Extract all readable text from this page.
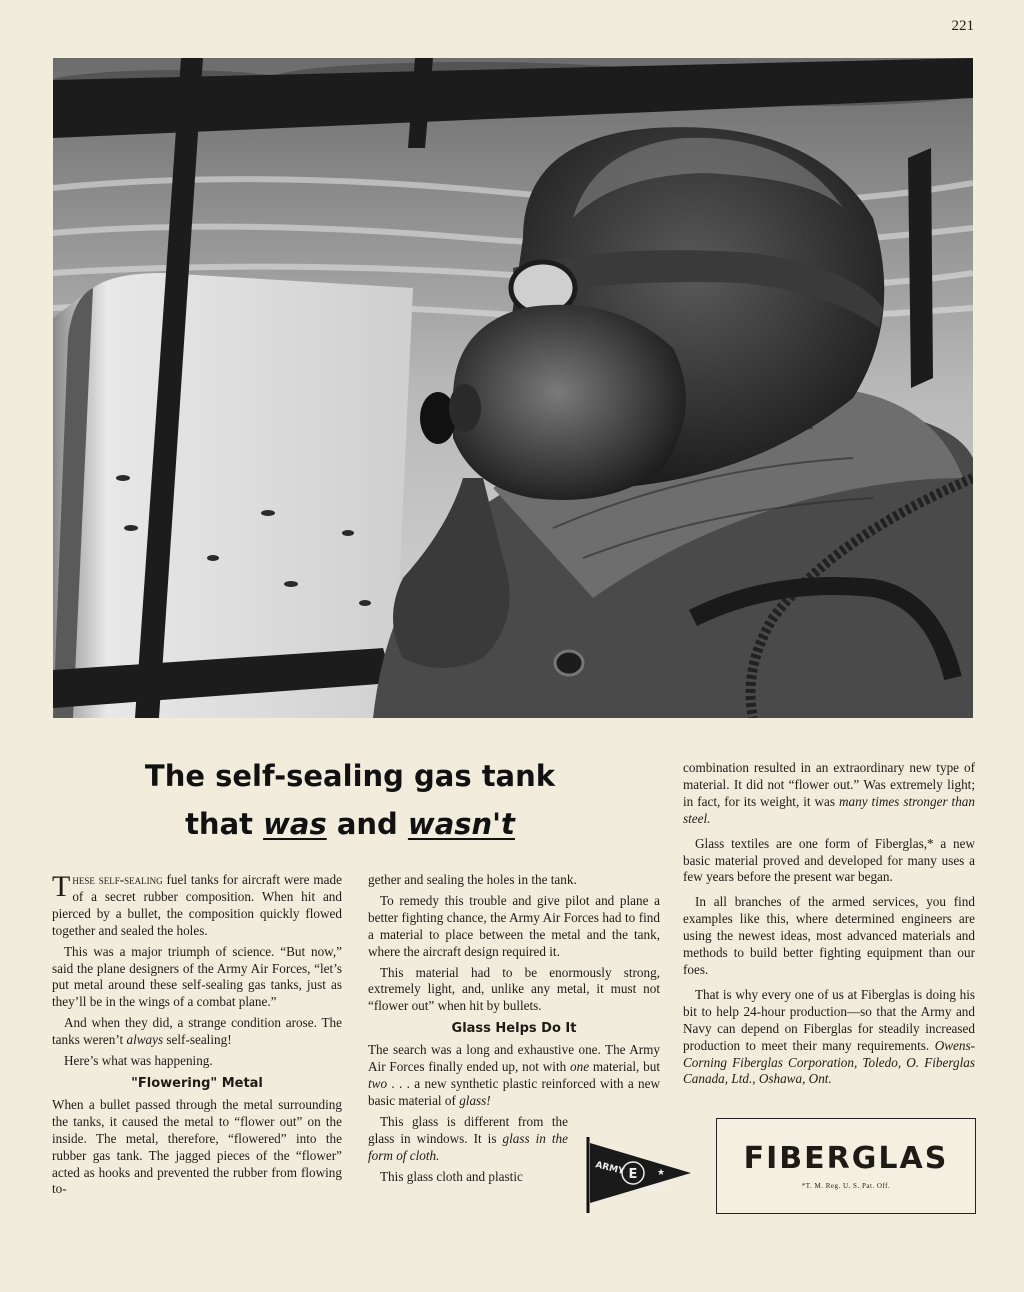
221
The self-sealing gas tank
that was and wasn't

These self-sealing fuel tanks for aircraft were made of a secret rubber composition. When hit and pierced by a bullet, the composition quickly flowed together and sealed the holes.

This was a major triumph of science. “But now,” said the plane designers of the Army Air Forces, “let’s put metal around these self-sealing gas tanks, just as they’ll be in the wings of a combat plane.”

And when they did, a strange condition arose. The tanks weren’t always self-sealing!

Here’s what was happening.

"Flowering" Metal

When a bullet passed through the metal surrounding the tanks, it caused the metal to “flower out” on the inside. The metal, therefore, “flowered” into the rubber gas tank. The jagged pieces of the “flower” acted as hooks and prevented the rubber from flowing to-

gether and sealing the holes in the tank.

To remedy this trouble and give pilot and plane a better fighting chance, the Army Air Forces had to find a material to place between the metal and the tank, where the aircraft design required it.

This material had to be enormously strong, extremely light, and, unlike any metal, it must not “flower out” when hit by bullets.

Glass Helps Do It

The search was a long and exhaustive one. The Army Air Forces finally ended up, not with one material, but two . . . a new synthetic plastic reinforced with a new basic material of glass!

This glass is different from the glass in windows. It is glass in the form of cloth.

This glass cloth and plastic	E
ARMY
NAVY
★

combination resulted in an extraordinary new type of material. It did not “flower out.” Was extremely light; in fact, for its weight, it was many times stronger than steel.

Glass textiles are one form of Fiberglas,* a new basic material proved and developed for many uses a few years before the present war began.

In all branches of the armed services, you find examples like this, where determined engineers are using the newest ideas, most advanced materials and methods to build better fighting equipment than our foes.

That is why every one of us at Fiberglas is doing his bit to help 24-hour production—so that the Army and Navy can depend on Fiberglas for steadily increased production to meet their many requirements. Owens-Corning Fiberglas Corporation, Toledo, O. Fiberglas Canada, Ltd., Oshawa, Ont.

FIBERGLAS
*T. M. Reg. U. S. Pat. Off.
